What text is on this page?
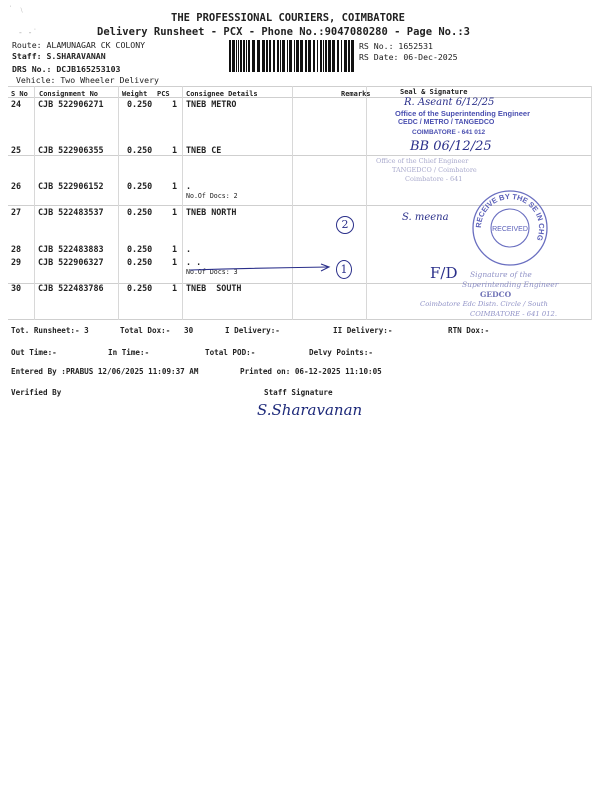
˙ ﹨
‐ ‐˙
THE PROFESSIONAL COURIERS, COIMBATORE
Delivery Runsheet - PCX - Phone No.:9047080280 - Page No.:3
Route: ALAMUNAGAR CK COLONY
Staff: S.SHARAVANAN
DRS No.: DCJB165253103
Vehicle: Two Wheeler Delivery
RS No.: 1652531
RS Date: 06-Dec-2025
S No Consignment No	Weight PCS Consignee Details	Remarks	Seal & Signature
24 CJB 522906271	0.250 1 TNEB METRO
25 CJB 522906355	0.250 1 TNEB CE
26 CJB 522906152	0.250 1 .
No.Of Docs: 2
27 CJB 522483537	0.250 1 TNEB NORTH
28 CJB 522483883	0.250 1 .
29 CJB 522906327	0.250 1 . .
No.Of Docs: 3
30 CJB 522483786	0.250 1 TNEB  SOUTH
R. Aseant 6/12/25
Office of the Superintending Engineer
CEDC / METRO / TANGEDCO
COIMBATORE - 641 012
BB 06/12/25
Office of the Chief Engineer
TANGEDCO / Coimbatore
Coimbatore - 641
S. meena
RECEIVE BY THE SE IN CHG
RECEIVED
F/D Signature of the
Superintending Engineer
GEDCO
Coimbatore Edc Distn. Circle / South
COIMBATORE - 641 012.
2
1
Tot. Runsheet:- 3	Total Dox:-   30	I Delivery:-	II Delivery:-	RTN Dox:-
Out Time:-	In Time:-	Total POD:-	Delvy Points:-
Entered By :PRABUS 12/06/2025 11:09:37 AM	Printed on: 06-12-2025 11:10:05
Verified By	Staff Signature
S.Sharavanan
